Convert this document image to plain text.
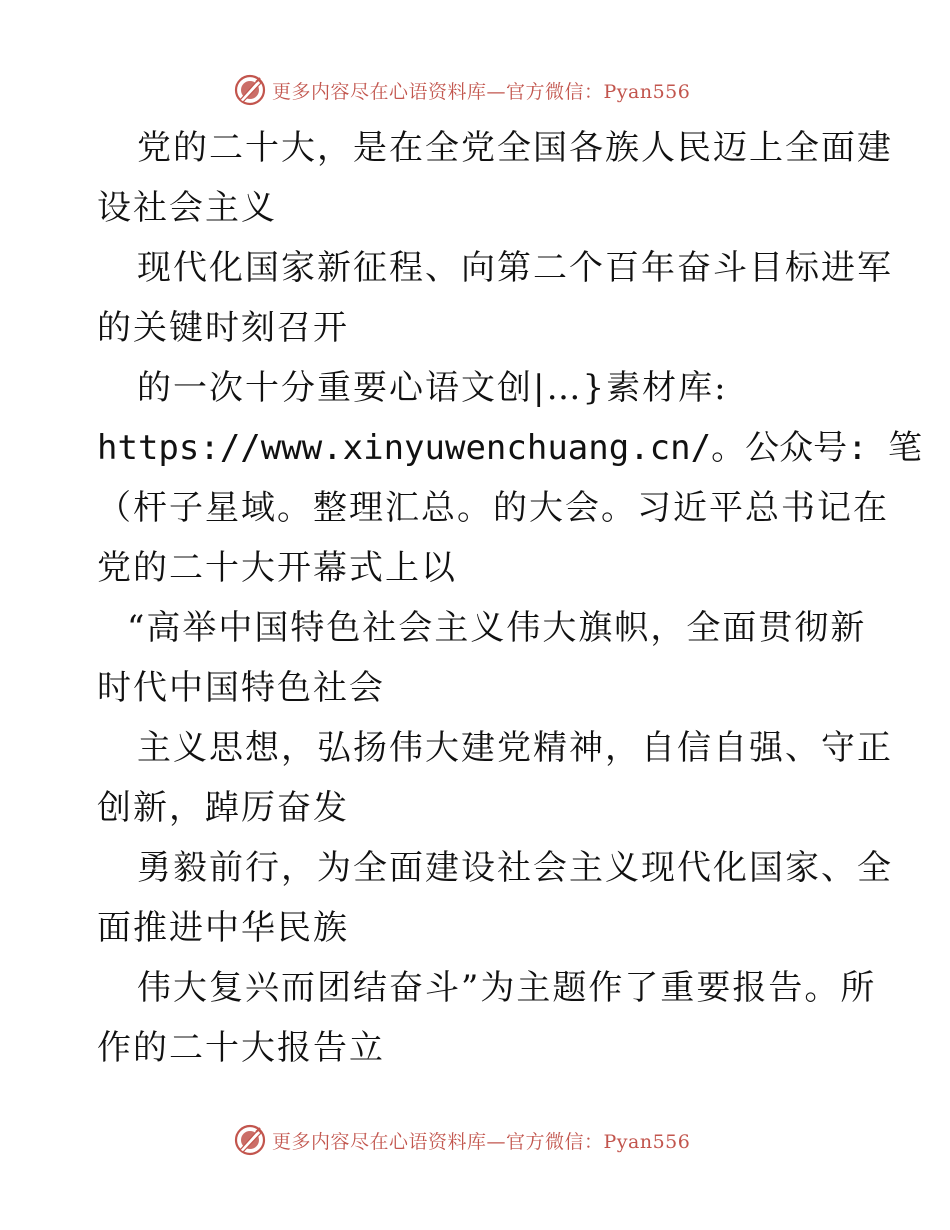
更多内容尽在心语资料库—官方微信：Pyan556
党的二十大，是在全党全国各族人民迈上全面建
设社会主义
现代化国家新征程、向第二个百年奋斗目标进军
的关键时刻召开
的一次十分重要心语文创|…}素材库:
https://www.xinyuwenchuang.cn/。公众号: 笔
（杆子星域。整理汇总。的大会。习近平总书记在
党的二十大开幕式上以
“高举中国特色社会主义伟大旗帜，全面贯彻新
时代中国特色社会
主义思想，弘扬伟大建党精神，自信自强、守正
创新，踔厉奋发
勇毅前行，为全面建设社会主义现代化国家、全
面推进中华民族
伟大复兴而团结奋斗”为主题作了重要报告。所
作的二十大报告立
更多内容尽在心语资料库—官方微信：Pyan556
